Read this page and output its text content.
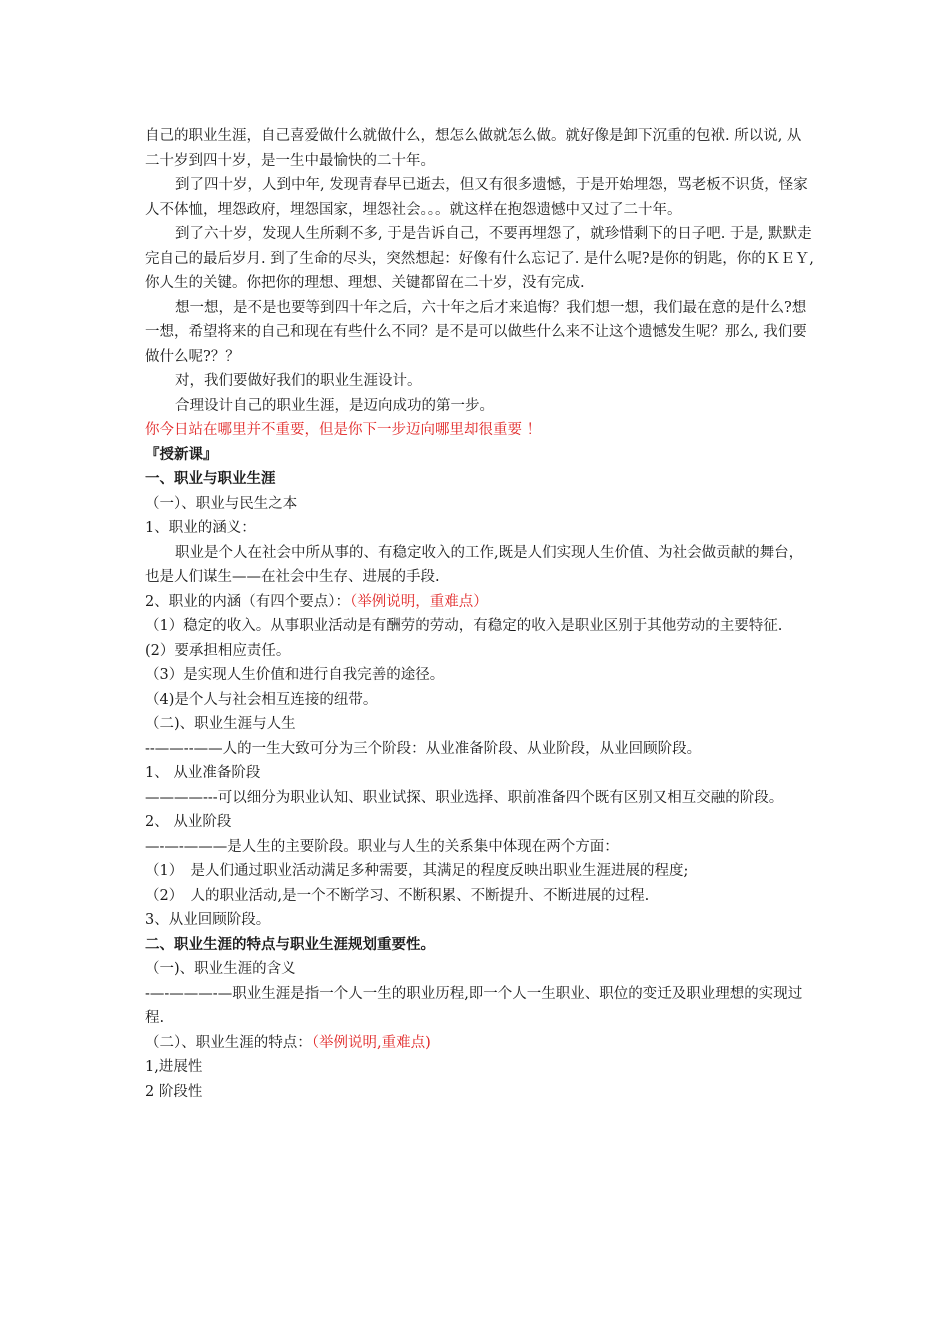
自己的职业生涯，自己喜爱做什么就做什么，想怎么做就怎么做。就好像是卸下沉重的包袱. 所以说, 从二十岁到四十岁，是一生中最愉快的二十年。

到了四十岁，人到中年, 发现青春早已逝去，但又有很多遗憾，于是开始埋怨，骂老板不识货，怪家人不体恤，埋怨政府，埋怨国家，埋怨社会。。。就这样在抱怨遗憾中又过了二十年。

到了六十岁，发现人生所剩不多, 于是告诉自己，不要再埋怨了，就珍惜剩下的日子吧. 于是, 默默走完自己的最后岁月. 到了生命的尽头，突然想起：好像有什么忘记了. 是什么呢?是你的钥匙，你的ＫＥＹ, 你人生的关键。你把你的理想、理想、关键都留在二十岁，没有完成.

想一想，是不是也要等到四十年之后，六十年之后才来追悔？我们想一想，我们最在意的是什么?想一想，希望将来的自己和现在有些什么不同？是不是可以做些什么来不让这个遗憾发生呢？那么, 我们要做什么呢?？？

对，我们要做好我们的职业生涯设计。

合理设计自己的职业生涯，是迈向成功的第一步。

你今日站在哪里并不重要，但是你下一步迈向哪里却很重要 ！

『授新课』

一、职业与职业生涯

（一）、职业与民生之本

1、职业的涵义：

职业是个人在社会中所从事的、有稳定收入的工作,既是人们实现人生价值、为社会做贡献的舞台，也是人们谋生——在社会中生存、进展的手段.

2、职业的内涵（有四个要点）：（举例说明，重难点）

（1）稳定的收入。从事职业活动是有酬劳的劳动，有稳定的收入是职业区别于其他劳动的主要特征.

(2）要承担相应责任。

（3）是实现人生价值和进行自我完善的途径。

（4)是个人与社会相互连接的纽带。

（二)、职业生涯与人生

--——--——人的一生大致可分为三个阶段：从业准备阶段、从业阶段，从业回顾阶段。

1、 从业准备阶段

————---可以细分为职业认知、职业试探、职业选择、职前准备四个既有区别又相互交融的阶段。

2、 从业阶段

—-—-———是人生的主要阶段。职业与人生的关系集中体现在两个方面：

（1）　是人们通过职业活动满足多种需要，其满足的程度反映出职业生涯进展的程度;

（2）　人的职业活动,是一个不断学习、不断积累、不断提升、不断进展的过程.

3、从业回顾阶段。

二、职业生涯的特点与职业生涯规划重要性。

（一)、职业生涯的含义

-—-———-—职业生涯是指一个人一生的职业历程,即一个人一生职业、职位的变迁及职业理想的实现过程.

（二）、职业生涯的特点：（举例说明,重难点)

1,进展性

2 阶段性
